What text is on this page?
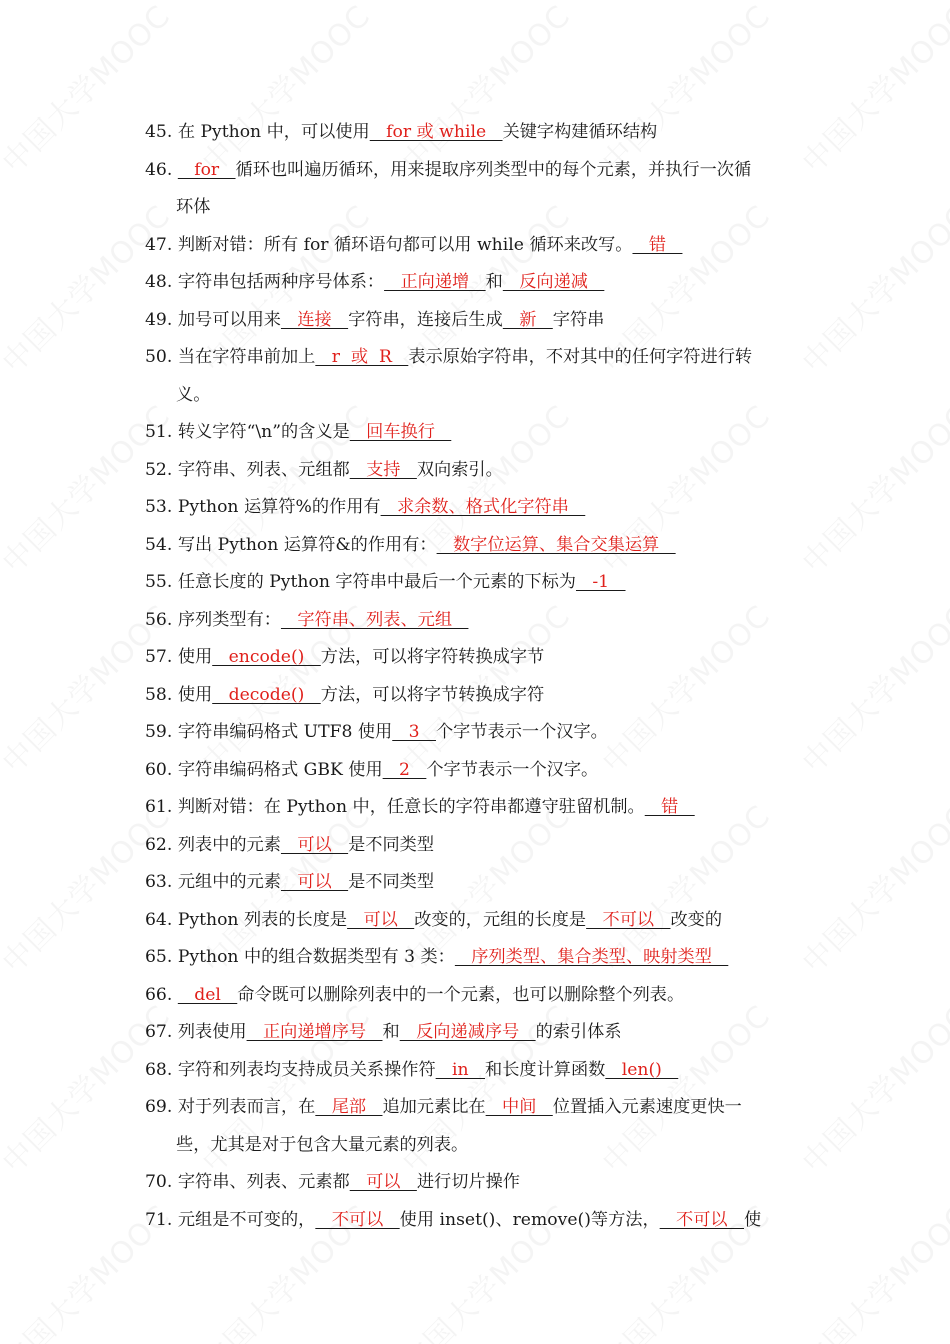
45. 在 Python 中，可以使用   for 或 while   关键字构建循环结构
46.    for   循环也叫遍历循环，用来提取序列类型中的每个元素，并执行一次循
环体
47. 判断对错：所有 for 循环语句都可以用 while 循环来改写。   错
48. 字符串包括两种序号体系：   正向递增   和   反向递减
49. 加号可以用来   连接   字符串，连接后生成   新   字符串
50. 当在字符串前加上   r  或  R   表示原始字符串，不对其中的任何字符进行转
义。
51. 转义字符“\n”的含义是   回车换行
52. 字符串、列表、元组都   支持   双向索引。
53. Python 运算符%的作用有   求余数、格式化字符串
54. 写出 Python 运算符&的作用有：   数字位运算、集合交集运算
55. 任意长度的 Python 字符串中最后一个元素的下标为   -1
56. 序列类型有：   字符串、列表、元组
57. 使用   encode()   方法，可以将字符转换成字节
58. 使用   decode()   方法，可以将字节转换成字符
59. 字符串编码格式 UTF8 使用   3   个字节表示一个汉字。
60. 字符串编码格式 GBK 使用   2   个字节表示一个汉字。
61. 判断对错：在 Python 中，任意长的字符串都遵守驻留机制。   错
62. 列表中的元素   可以   是不同类型
63. 元组中的元素   可以   是不同类型
64. Python 列表的长度是   可以   改变的，元组的长度是   不可以   改变的
65. Python 中的组合数据类型有 3 类：   序列类型、集合类型、映射类型
66.    del   命令既可以删除列表中的一个元素，也可以删除整个列表。
67. 列表使用   正向递增序号   和   反向递减序号   的索引体系
68. 字符和列表均支持成员关系操作符   in   和长度计算函数   len()
69. 对于列表而言，在   尾部   追加元素比在   中间   位置插入元素速度更快一
些，尤其是对于包含大量元素的列表。
70. 字符串、列表、元素都   可以   进行切片操作
71. 元组是不可变的，   不可以   使用 inset()、remove()等方法，   不可以   使
